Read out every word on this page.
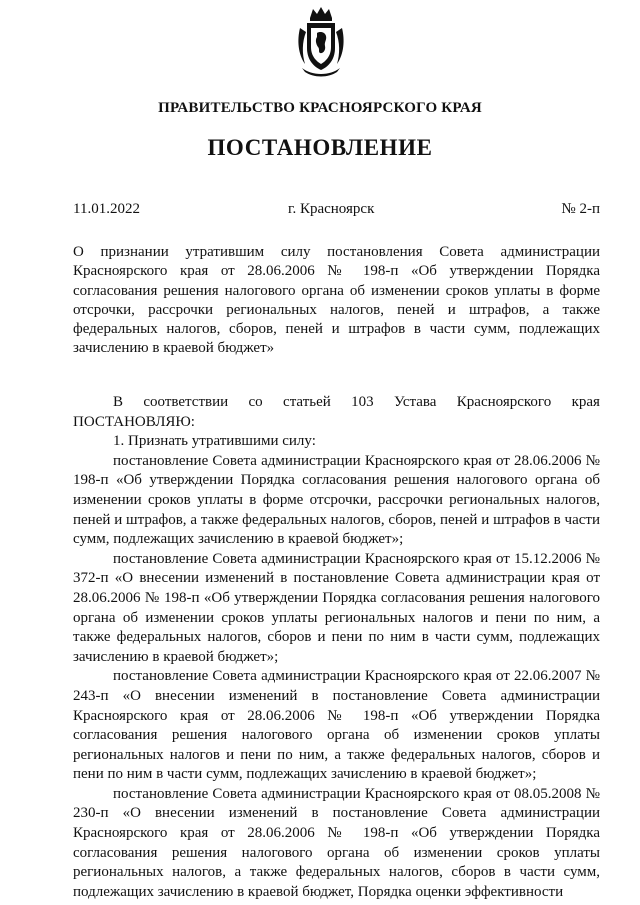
ПРАВИТЕЛЬСТВО КРАСНОЯРСКОГО КРАЯ
ПОСТАНОВЛЕНИЕ
11.01.2022	г. Красноярск	№ 2-п
О признании утратившим силу постановления Совета администрации Красноярского края от 28.06.2006 № 198-п «Об утверждении Порядка согласования решения налогового органа об изменении сроков уплаты в форме отсрочки, рассрочки региональных налогов, пеней и штрафов, а также федеральных налогов, сборов, пеней и штрафов в части сумм, подлежащих зачислению в краевой бюджет»
В соответствии со статьей 103 Устава Красноярского края

ПОСТАНОВЛЯЮ:

1. Признать утратившими силу:

постановление Совета администрации Красноярского края от 28.06.2006 № 198-п «Об утверждении Порядка согласования решения налогового органа об изменении сроков уплаты в форме отсрочки, рассрочки региональных налогов, пеней и штрафов, а также федеральных налогов, сборов, пеней и штрафов в части сумм, подлежащих зачислению в краевой бюджет»;

постановление Совета администрации Красноярского края от 15.12.2006 № 372-п «О внесении изменений в постановление Совета администрации края от 28.06.2006 № 198-п «Об утверждении Порядка согласования решения налогового органа об изменении сроков уплаты региональных налогов и пени по ним, а также федеральных налогов, сборов и пени по ним в части сумм, подлежащих зачислению в краевой бюджет»;

постановление Совета администрации Красноярского края от 22.06.2007 № 243-п «О внесении изменений в постановление Совета администрации Красноярского края от 28.06.2006 № 198-п «Об утверждении Порядка согласования решения налогового органа об изменении сроков уплаты региональных налогов и пени по ним, а также федеральных налогов, сборов и пени по ним в части сумм, подлежащих зачислению в краевой бюджет»;

постановление Совета администрации Красноярского края от 08.05.2008 № 230-п «О внесении изменений в постановление Совета администрации Красноярского края от 28.06.2006 № 198-п «Об утверждении Порядка согласования решения налогового органа об изменении сроков уплаты региональных налогов, а также федеральных налогов, сборов в части сумм, подлежащих зачислению в краевой бюджет, Порядка оценки эффективности
